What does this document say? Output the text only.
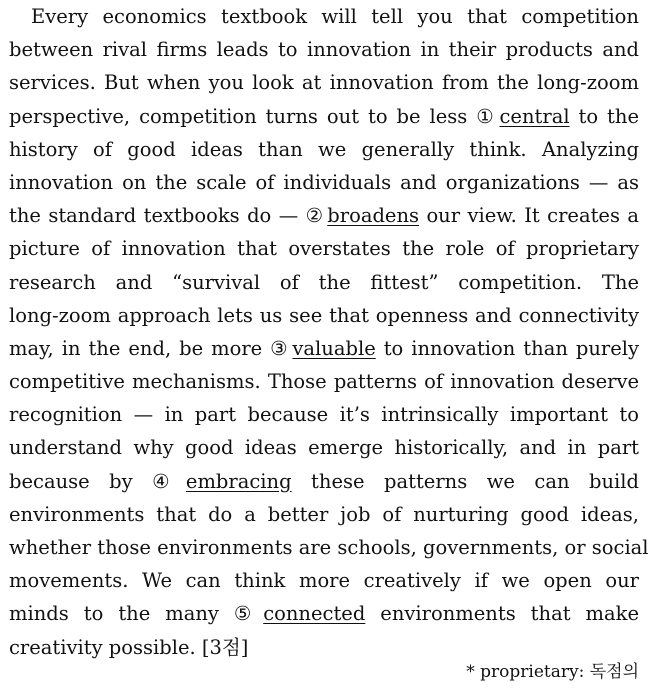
Every economics textbook will tell you that competition
between rival firms leads to innovation in their products and
services. But when you look at innovation from the long-zoom
perspective, competition turns out to be less ① central to the
history of good ideas than we generally think. Analyzing
innovation on the scale of individuals and organizations — as
the standard textbooks do — ② broadens our view. It creates a
picture of innovation that overstates the role of proprietary
research and “survival of the fittest” competition. The
long-zoom approach lets us see that openness and connectivity
may, in the end, be more ③ valuable to innovation than purely
competitive mechanisms. Those patterns of innovation deserve
recognition — in part because it’s intrinsically important to
understand why good ideas emerge historically, and in part
because by ④ embracing these patterns we can build
environments that do a better job of nurturing good ideas,
whether those environments are schools, governments, or social
movements. We can think more creatively if we open our
minds to the many ⑤ connected environments that make
creativity possible. [3점]
* proprietary: 독점의
